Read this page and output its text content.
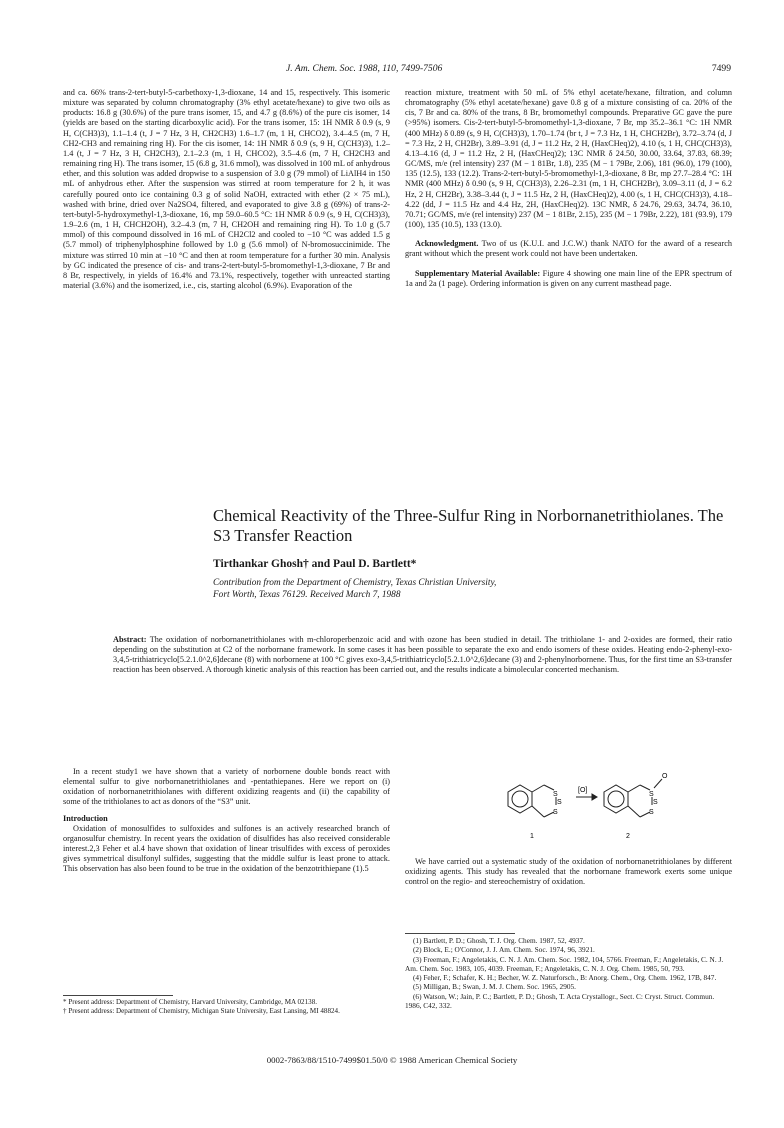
J. Am. Chem. Soc. 1988, 110, 7499-7506	7499

and ca. 66% trans-2-tert-butyl-5-carbethoxy-1,3-dioxane, 14 and 15, respectively. This isomeric mixture was separated by column chromatography (3% ethyl acetate/hexane) to give two oils as products: 16.8 g (30.6%) of the pure trans isomer, 15, and 4.7 g (8.6%) of the pure cis isomer, 14 (yields are based on the starting dicarboxylic acid). For the trans isomer, 15: 1H NMR δ 0.9 (s, 9 H, C(CH3)3), 1.1–1.4 (t, J = 7 Hz, 3 H, CH2CH3) 1.6–1.7 (m, 1 H, CHCO2), 3.4–4.5 (m, 7 H, CH2-CH3 and remaining ring H). For the cis isomer, 14: 1H NMR δ 0.9 (s, 9 H, C(CH3)3), 1.2–1.4 (t, J = 7 Hz, 3 H, CH2CH3), 2.1–2.3 (m, 1 H, CHCO2), 3.5–4.6 (m, 7 H, CH2CH3 and remaining ring H). The trans isomer, 15 (6.8 g, 31.6 mmol), was dissolved in 100 mL of anhydrous ether, and this solution was added dropwise to a suspension of 3.0 g (79 mmol) of LiAlH4 in 150 mL of anhydrous ether. After the suspension was stirred at room temperature for 2 h, it was carefully poured onto ice containing 0.3 g of solid NaOH, extracted with ether (2 × 75 mL), washed with brine, dried over Na2SO4, filtered, and evaporated to give 3.8 g (69%) of trans-2-tert-butyl-5-hydroxymethyl-1,3-dioxane, 16, mp 59.0–60.5 °C: 1H NMR δ 0.9 (s, 9 H, C(CH3)3), 1.9–2.6 (m, 1 H, CHCH2OH), 3.2–4.3 (m, 7 H, CH2OH and remaining ring H). To 1.0 g (5.7 mmol) of this compound dissolved in 16 mL of CH2Cl2 and cooled to −10 °C was added 1.5 g (5.7 mmol) of triphenylphosphine followed by 1.0 g (5.6 mmol) of N-bromosuccinimide. The mixture was stirred 10 min at −10 °C and then at room temperature for a further 30 min. Analysis by GC indicated the presence of cis- and trans-2-tert-butyl-5-bromomethyl-1,3-dioxane, 7 Br and 8 Br, respectively, in yields of 16.4% and 73.1%, respectively, together with unreacted starting material (3.6%) and the isomerized, i.e., cis, starting alcohol (6.9%). Evaporation of the

reaction mixture, treatment with 50 mL of 5% ethyl acetate/hexane, filtration, and column chromatography (5% ethyl acetate/hexane) gave 0.8 g of a mixture consisting of ca. 20% of the cis, 7 Br and ca. 80% of the trans, 8 Br, bromomethyl compounds. Preparative GC gave the pure (>95%) isomers. Cis-2-tert-butyl-5-bromomethyl-1,3-dioxane, 7 Br, mp 35.2–36.1 °C: 1H NMR (400 MHz) δ 0.89 (s, 9 H, C(CH3)3), 1.70–1.74 (br t, J = 7.3 Hz, 1 H, CHCH2Br), 3.72–3.74 (d, J = 7.3 Hz, 2 H, CH2Br), 3.89–3.91 (d, J = 11.2 Hz, 2 H, (HaxCHeq)2), 4.10 (s, 1 H, CHC(CH3)3), 4.13–4.16 (d, J = 11.2 Hz, 2 H, (HaxCHeq)2); 13C NMR δ 24.50, 30.00, 33.64, 37.83, 68.39; GC/MS, m/e (rel intensity) 237 (M − 1 81Br, 1.8), 235 (M − 1 79Br, 2.06), 181 (96.0), 179 (100), 135 (12.5), 133 (12.2). Trans-2-tert-butyl-5-bromomethyl-1,3-dioxane, 8 Br, mp 27.7–28.4 °C: 1H NMR (400 MHz) δ 0.90 (s, 9 H, C(CH3)3), 2.26–2.31 (m, 1 H, CHCH2Br), 3.09–3.11 (d, J = 6.2 Hz, 2 H, CH2Br), 3.38–3.44 (t, J = 11.5 Hz, 2 H, (HaxCHeq)2), 4.00 (s, 1 H, CHC(CH3)3), 4.18–4.22 (dd, J = 11.5 Hz and 4.4 Hz, 2H, (HaxCHeq)2). 13C NMR, δ 24.76, 29.63, 34.74, 36.10, 70.71; GC/MS, m/e (rel intensity) 237 (M − 1 81Br, 2.15), 235 (M − 1 79Br, 2.22), 181 (93.9), 179 (100), 135 (10.5), 133 (13.0).

Acknowledgment. Two of us (K.U.I. and J.C.W.) thank NATO for the award of a research grant without which the present work could not have been undertaken.

Supplementary Material Available: Figure 4 showing one main line of the EPR spectrum of 1a and 2a (1 page). Ordering information is given on any current masthead page.

Chemical Reactivity of the Three-Sulfur Ring in Norbornanetrithiolanes. The S3 Transfer Reaction
Tirthankar Ghosh† and Paul D. Bartlett*
Contribution from the Department of Chemistry, Texas Christian University,
Fort Worth, Texas 76129. Received March 7, 1988
Abstract: The oxidation of norbornanetrithiolanes with m-chloroperbenzoic acid and with ozone has been studied in detail. The trithiolane 1- and 2-oxides are formed, their ratio depending on the substitution at C2 of the norbornane framework. In some cases it has been possible to separate the exo and endo isomers of these oxides. Heating endo-2-phenyl-exo-3,4,5-trithiatricyclo[5.2.1.0^2,6]decane (8) with norbornene at 100 °C gives exo-3,4,5-trithiatricyclo[5.2.1.0^2,6]decane (3) and 2-phenylnorbornene. Thus, for the first time an S3-transfer reaction has been observed. A thorough kinetic analysis of this reaction has been carried out, and the results indicate a bimolecular concerted mechanism.

In a recent study1 we have shown that a variety of norbornene double bonds react with elemental sulfur to give norbornanetrithiolanes and -pentathiepanes. Here we report on (i) oxidation of norbornanetrithiolanes with different oxidizing reagents and (ii) the capability of some of the trithiolanes to act as donors of the “S3” unit.

Introduction

Oxidation of monosulfides to sulfoxides and sulfones is an actively researched branch of organosulfur chemistry. In recent years the oxidation of disulfides has also received considerable interest.2,3 Feher et al.4 have shown that oxidation of linear trisulfides with excess of peroxides gives symmetrical disulfonyl sulfides, suggesting that the middle sulfur is least prone to attack. This observation has also been found to be true in the oxidation of the benzotrithiepane (1).5

S
S
S
[O]
S
S
S
O
1	2

We have carried out a systematic study of the oxidation of norbornanetrithiolanes by different oxidizing agents. This study has revealed that the norbornane framework exerts some unique control on the regio- and stereochemistry of oxidation.

* Present address: Department of Chemistry, Harvard University, Cambridge, MA 02138.
† Present address: Department of Chemistry, Michigan State University, East Lansing, MI 48824.

(1) Bartlett, P. D.; Ghosh, T. J. Org. Chem. 1987, 52, 4937.

(2) Block, E.; O'Connor, J. J. Am. Chem. Soc. 1974, 96, 3921.

(3) Freeman, F.; Angeletakis, C. N. J. Am. Chem. Soc. 1982, 104, 5766. Freeman, F.; Angeletakis, C. N. J. Am. Chem. Soc. 1983, 105, 4039. Freeman, F.; Angeletakis, C. N. J. Org. Chem. 1985, 50, 793.

(4) Feher, F.; Schafer, K. H.; Becher, W. Z. Naturforsch., B: Anorg. Chem., Org. Chem. 1962, 17B, 847.

(5) Milligan, B.; Swan, J. M. J. Chem. Soc. 1965, 2905.

(6) Watson, W.; Jain, P. C.; Bartlett, P. D.; Ghosh, T. Acta Crystallogr., Sect. C: Cryst. Struct. Commun. 1986, C42, 332.

0002-7863/88/1510-7499$01.50/0 © 1988 American Chemical Society
